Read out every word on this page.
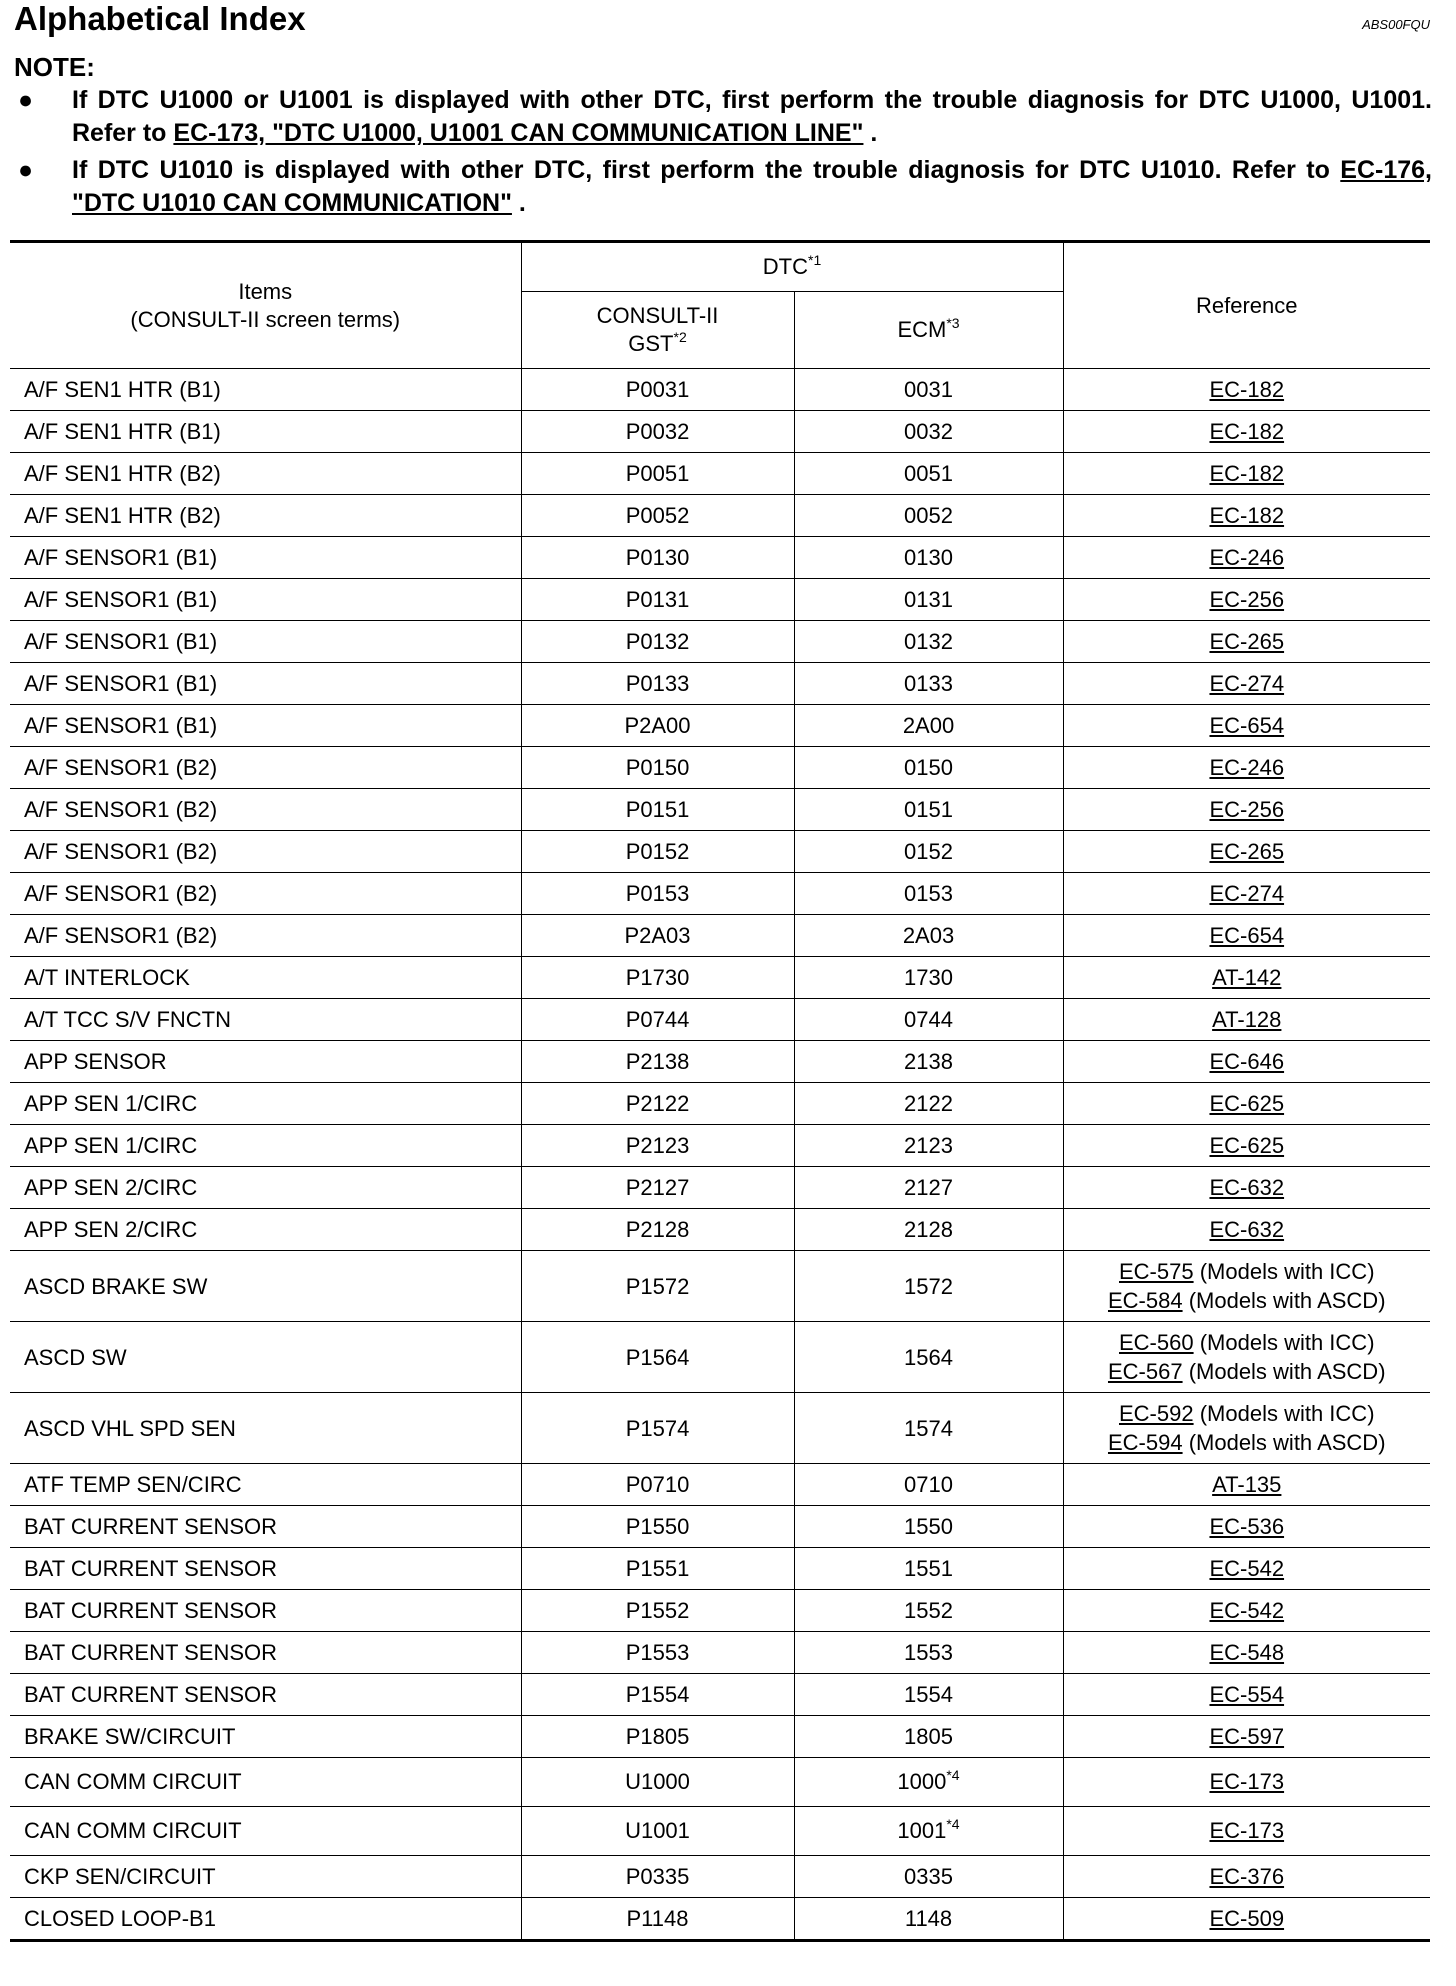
Alphabetical Index	ABS00FQU
NOTE:
● If DTC U1000 or U1001 is displayed with other DTC, first perform the trouble diagnosis for DTC U1000, U1001. Refer to EC-173, "DTC U1000, U1001 CAN COMMUNICATION LINE" .
● If DTC U1010 is displayed with other DTC, first perform the trouble diagnosis for DTC U1010. Refer to EC-176, "DTC U1010 CAN COMMUNICATION" .
Items
(CONSULT-II screen terms)	DTC$^{*1}$		Reference

	CONSULT-II
GST$^{*2}$	ECM$^{*3}$
A/F SEN1 HTR (B1)	P0031	0031	EC-182

A/F SEN1 HTR (B1)	P0032	0032	EC-182

A/F SEN1 HTR (B2)	P0051	0051	EC-182

A/F SEN1 HTR (B2)	P0052	0052	EC-182

A/F SENSOR1 (B1)	P0130	0130	EC-246

A/F SENSOR1 (B1)	P0131	0131	EC-256

A/F SENSOR1 (B1)	P0132	0132	EC-265

A/F SENSOR1 (B1)	P0133	0133	EC-274

A/F SENSOR1 (B1)	P2A00	2A00	EC-654

A/F SENSOR1 (B2)	P0150	0150	EC-246

A/F SENSOR1 (B2)	P0151	0151	EC-256

A/F SENSOR1 (B2)	P0152	0152	EC-265

A/F SENSOR1 (B2)	P0153	0153	EC-274

A/F SENSOR1 (B2)	P2A03	2A03	EC-654

A/T INTERLOCK	P1730	1730	AT-142

A/T TCC S/V FNCTN	P0744	0744	AT-128

APP SENSOR	P2138	2138	EC-646

APP SEN 1/CIRC	P2122	2122	EC-625

APP SEN 1/CIRC	P2123	2123	EC-625

APP SEN 2/CIRC	P2127	2127	EC-632

APP SEN 2/CIRC	P2128	2128	EC-632

ASCD BRAKE SW	P1572	1572	EC-575 (Models with ICC)
EC-584 (Models with ASCD)

ASCD SW	P1564	1564	EC-560 (Models with ICC)
EC-567 (Models with ASCD)

ASCD VHL SPD SEN	P1574	1574	EC-592 (Models with ICC)
EC-594 (Models with ASCD)

ATF TEMP SEN/CIRC	P0710	0710	AT-135

BAT CURRENT SENSOR	P1550	1550	EC-536

BAT CURRENT SENSOR	P1551	1551	EC-542

BAT CURRENT SENSOR	P1552	1552	EC-542

BAT CURRENT SENSOR	P1553	1553	EC-548

BAT CURRENT SENSOR	P1554	1554	EC-554

BRAKE SW/CIRCUIT	P1805	1805	EC-597

CAN COMM CIRCUIT	U1000	1000$^{*4}$	EC-173

CAN COMM CIRCUIT	U1001	1001$^{*4}$	EC-173

CKP SEN/CIRCUIT	P0335	0335	EC-376

CLOSED LOOP-B1	P1148	1148	EC-509
